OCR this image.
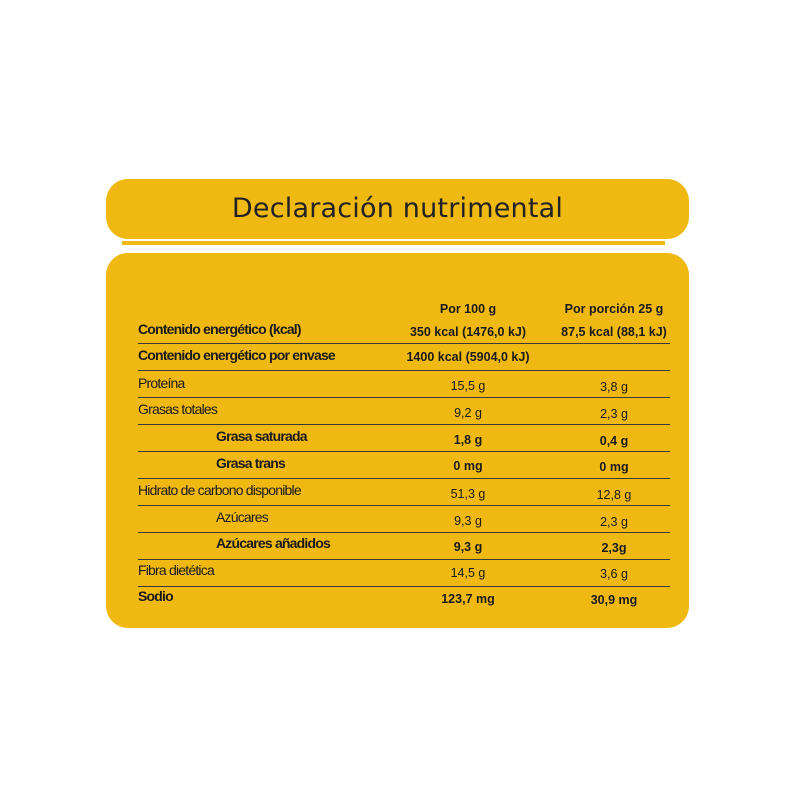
Declaración nutrimental
Por 100 g	Por porción 25 g
Contenido energético (kcal)	350 kcal (1476,0 kJ)	87,5 kcal (88,1 kJ)
Contenido energético por envase	1400 kcal (5904,0 kJ)
Proteína	15,5 g	3,8 g
Grasas totales	9,2 g	2,3 g
Grasa saturada	1,8 g	0,4 g
Grasa trans	0 mg	0 mg
Hidrato de carbono disponible	51,3 g	12,8 g
Azúcares	9,3 g	2,3 g
Azúcares añadidos	9,3 g	2,3g
Fibra dietética	14,5 g	3,6 g
Sodio	123,7 mg	30,9 mg
